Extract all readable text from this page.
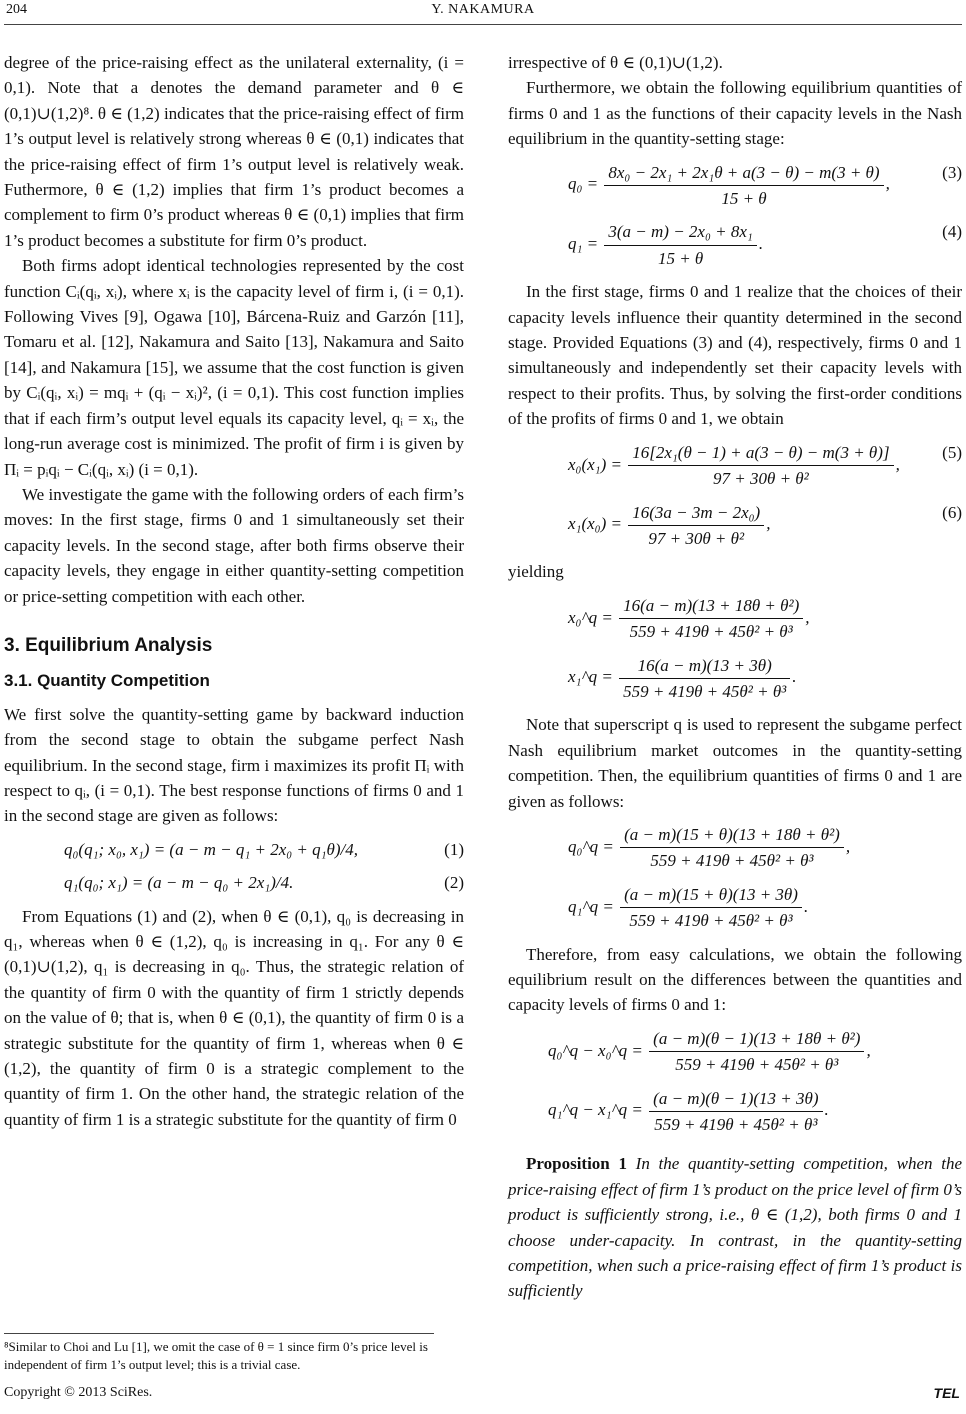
204	Y. NAKAMURA

degree of the price-raising effect as the unilateral externality, (i = 0,1). Note that a denotes the demand parameter and θ ∈ (0,1)∪(1,2)⁸. θ ∈ (1,2) indicates that the price-raising effect of firm 1’s output level is relatively strong whereas θ ∈ (0,1) indicates that the price-raising effect of firm 1’s output level is relatively weak. Futhermore, θ ∈ (1,2) implies that firm 1’s product becomes a complement to firm 0’s product whereas θ ∈ (0,1) implies that firm 1’s product becomes a substitute for firm 0’s product.

Both firms adopt identical technologies represented by the cost function Cᵢ(qᵢ, xᵢ), where xᵢ is the capacity level of firm i, (i = 0,1). Following Vives [9], Ogawa [10], Bárcena-Ruiz and Garzón [11], Tomaru et al. [12], Nakamura and Saito [13], Nakamura and Saito [14], and Nakamura [15], we assume that the cost function is given by Cᵢ(qᵢ, xᵢ) = mqᵢ + (qᵢ − xᵢ)², (i = 0,1). This cost function implies that if each firm’s output level equals its capacity level, qᵢ = xᵢ, the long-run average cost is minimized. The profit of firm i is given by Πᵢ = pᵢqᵢ − Cᵢ(qᵢ, xᵢ) (i = 0,1).

We investigate the game with the following orders of each firm’s moves: In the first stage, firms 0 and 1 simultaneously set their capacity levels. In the second stage, after both firms observe their capacity levels, they engage in either quantity-setting competition or price-setting competition with each other.

3. Equilibrium Analysis
3.1. Quantity Competition

We first solve the quantity-setting game by backward induction from the second stage to obtain the subgame perfect Nash equilibrium. In the second stage, firm i maximizes its profit Πᵢ with respect to qᵢ, (i = 0,1). The best response functions of firms 0 and 1 in the second stage are given as follows:

q₀(q₁; x₀, x₁) = (a − m − q₁ + 2x₀ + q₁θ)/4,	(1)
q₁(q₀; x₁) = (a − m − q₀ + 2x₁)/4.	(2)

From Equations (1) and (2), when θ ∈ (0,1), q₀ is decreasing in q₁, whereas when θ ∈ (1,2), q₀ is increasing in q₁. For any θ ∈ (0,1)∪(1,2), q₁ is decreasing in q₀. Thus, the strategic relation of the quantity of firm 0 with the quantity of firm 1 strictly depends on the value of θ; that is, when θ ∈ (0,1), the quantity of firm 0 is a strategic substitute for the quantity of firm 1, whereas when θ ∈ (1,2), the quantity of firm 0 is a strategic complement to the quantity of firm 1. On the other hand, the strategic relation of the quantity of firm 1 is a strategic substitute for the quantity of firm 0

⁸Similar to Choi and Lu [1], we omit the case of θ = 1 since firm 0’s price level is independent of firm 1’s output level; this is a trivial case.

irrespective of θ ∈ (0,1)∪(1,2).

Furthermore, we obtain the following equilibrium quantities of firms 0 and 1 as the functions of their capacity levels in the Nash equilibrium in the quantity-setting stage:

$q_0 = \frac{\text{8x₀ − 2x₁ + 2x₁θ + a(3 − θ) − m(3 + θ)}}{15 + \theta}$ ,
(3)
$q_1 = \frac{\text{3(a − m) − 2x₀ + 8x₁}}{15 + \theta}$ .
(4)

In the first stage, firms 0 and 1 realize that the choices of their capacity levels influence their quantity determined in the second stage. Provided Equations (3) and (4), respectively, firms 0 and 1 simultaneously and independently set their capacity levels with respect to their profits. Thus, by solving the first-order conditions of the profits of firms 0 and 1, we obtain

$x_0(x_1) = \frac{\text{16[2x₁(θ − 1) + a(3 − θ) − m(3 + θ)]}}{\text{97 + 30θ + θ²}}$ ,
(5)
$x_1(x_0) = \frac{\text{16(3a − 3m − 2x₀)}}{\text{97 + 30θ + θ²}}$ ,
(6)

yielding

x₀^q = $\frac{\text{16(a − m)(13 + 18θ + θ²)}}{\text{559 + 419θ + 45θ² + θ³}}$ ,
x₁^q = $\frac{16(a - m)(13 + 3\theta)}{\text{559 + 419θ + 45θ² + θ³}}$ .

Note that superscript q is used to represent the subgame perfect Nash equilibrium market outcomes in the quantity-setting competition. Then, the equilibrium quantities of firms 0 and 1 are given as follows:

q₀^q = $\frac{\text{(a − m)(15 + θ)(13 + 18θ + θ²)}}{\text{559 + 419θ + 45θ² + θ³}}$ ,
q₁^q = $\frac{(a - m)(15 + \theta)(13 + 3\theta)}{\text{559 + 419θ + 45θ² + θ³}}$ .

Therefore, from easy calculations, we obtain the following equilibrium result on the differences between the quantities and capacity levels of firms 0 and 1:

q₀^q − x₀^q = $\frac{\text{(a − m)(θ − 1)(13 + 18θ + θ²)}}{\text{559 + 419θ + 45θ² + θ³}}$ ,
q₁^q − x₁^q = $\frac{(a - m)(\theta - 1)(13 + 3\theta)}{\text{559 + 419θ + 45θ² + θ³}}$ .

Proposition 1 In the quantity-setting competition, when the price-raising effect of firm 1’s product on the price level of firm 0’s product is sufficiently strong, i.e., θ ∈ (1,2), both firms 0 and 1 choose under-capacity. In contrast, in the quantity-setting competition, when such a price-raising effect of firm 1’s product is sufficiently

Copyright © 2013 SciRes.	TEL
